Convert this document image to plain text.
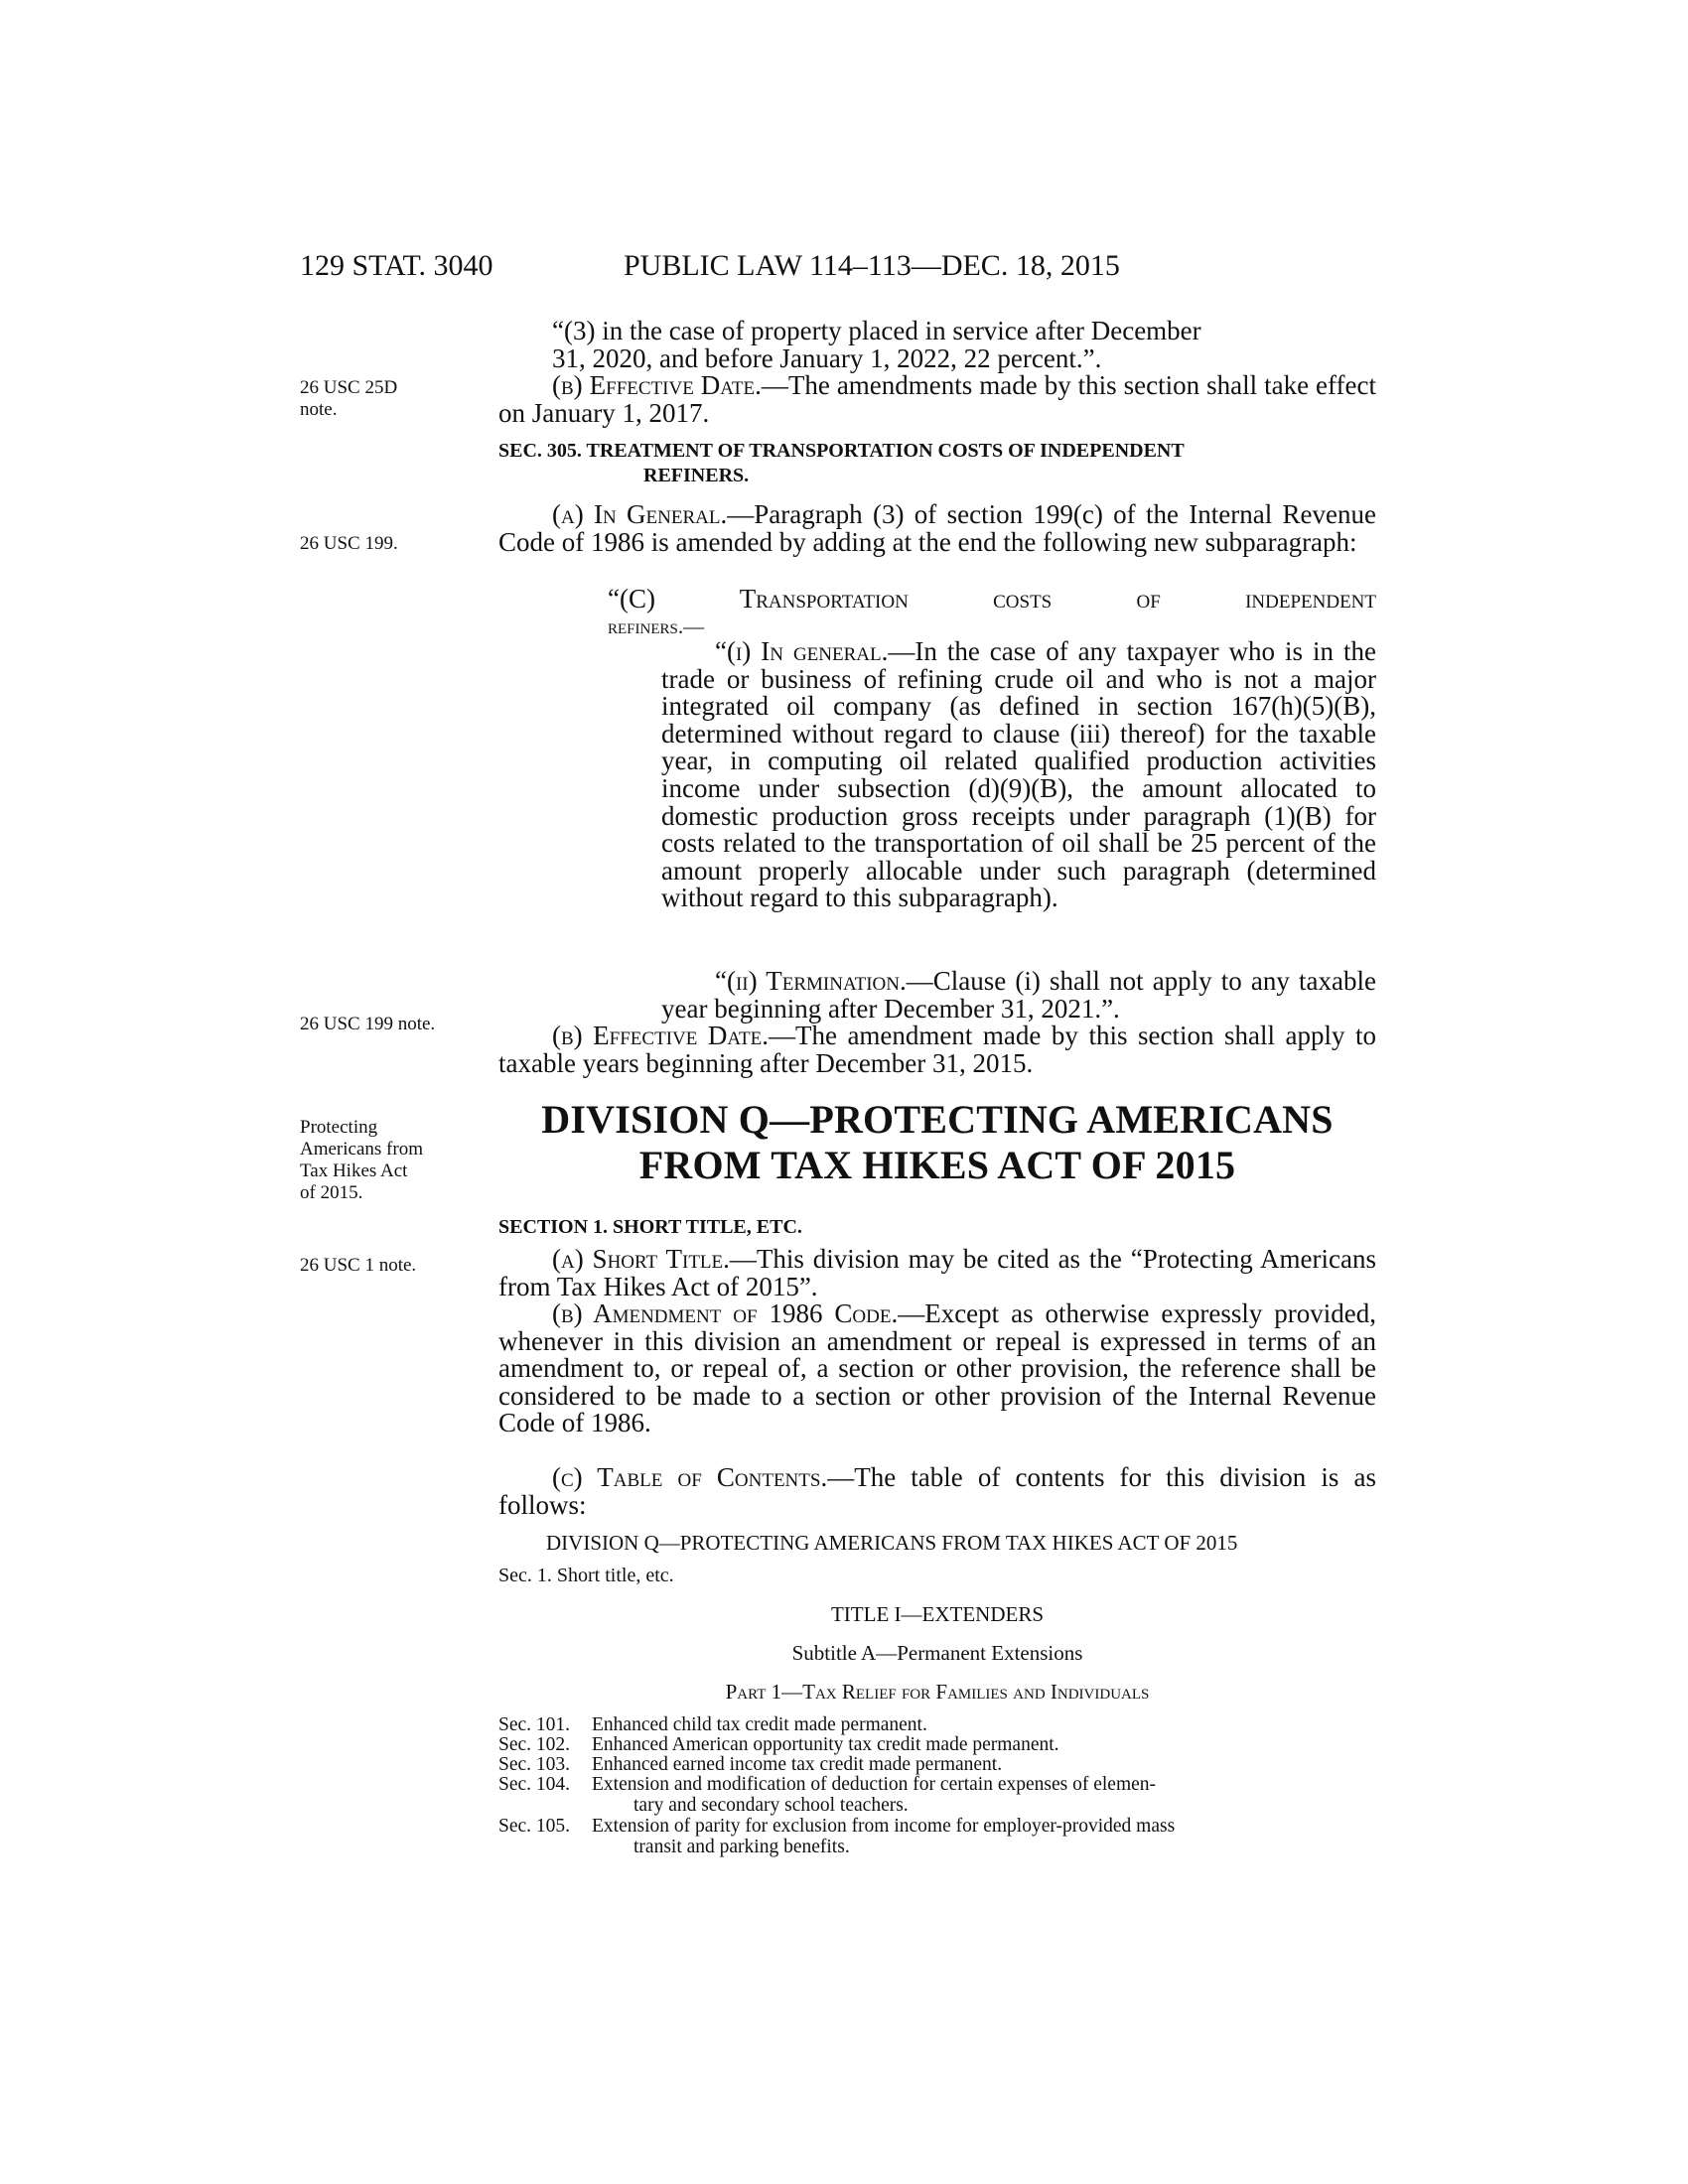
129 STAT. 3040	PUBLIC LAW 114–113—DEC. 18, 2015
26 USC 25D
note.
26 USC 199.
26 USC 199 note.
Protecting
Americans from
Tax Hikes Act
of 2015.
26 USC 1 note.
“(3) in the case of property placed in service after December
31, 2020, and before January 1, 2022, 22 percent.”.
(b) Effective Date.—The amendments made by this section shall take effect on January 1, 2017.
SEC. 305. TREATMENT OF TRANSPORTATION COSTS OF INDEPENDENT
REFINERS.
(a) In General.—Paragraph (3) of section 199(c) of the Internal Revenue Code of 1986 is amended by adding at the end the following new subparagraph:
“(C) Transportation costs of independent
refiners.—
“(i) In general.—In the case of any taxpayer who is in the trade or business of refining crude oil and who is not a major integrated oil company (as defined in section 167(h)(5)(B), determined without regard to clause (iii) thereof) for the taxable year, in computing oil related qualified production activities income under subsection (d)(9)(B), the amount allocated to domestic production gross receipts under paragraph (1)(B) for costs related to the transportation of oil shall be 25 percent of the amount properly allocable under such paragraph (determined without regard to this subparagraph).
“(ii) Termination.—Clause (i) shall not apply to any taxable year beginning after December 31, 2021.”.
(b) Effective Date.—The amendment made by this section shall apply to taxable years beginning after December 31, 2015.
DIVISION Q—PROTECTING AMERICANS
FROM TAX HIKES ACT OF 2015
SECTION 1. SHORT TITLE, ETC.
(a) Short Title.—This division may be cited as the “Protecting Americans from Tax Hikes Act of 2015”.
(b) Amendment of 1986 Code.—Except as otherwise expressly provided, whenever in this division an amendment or repeal is expressed in terms of an amendment to, or repeal of, a section or other provision, the reference shall be considered to be made to a section or other provision of the Internal Revenue Code of 1986.
(c) Table of Contents.—The table of contents for this division is as follows:
DIVISION Q—PROTECTING AMERICANS FROM TAX HIKES ACT OF 2015
Sec. 1. Short title, etc.
TITLE I—EXTENDERS
Subtitle A—Permanent Extensions
Part 1—Tax Relief for Families and Individuals
Sec. 101. Enhanced child tax credit made permanent.
Sec. 102. Enhanced American opportunity tax credit made permanent.
Sec. 103. Enhanced earned income tax credit made permanent.
Sec. 104. Extension and modification of deduction for certain expenses of elemen-
tary and secondary school teachers.
Sec. 105. Extension of parity for exclusion from income for employer-provided mass
transit and parking benefits.
